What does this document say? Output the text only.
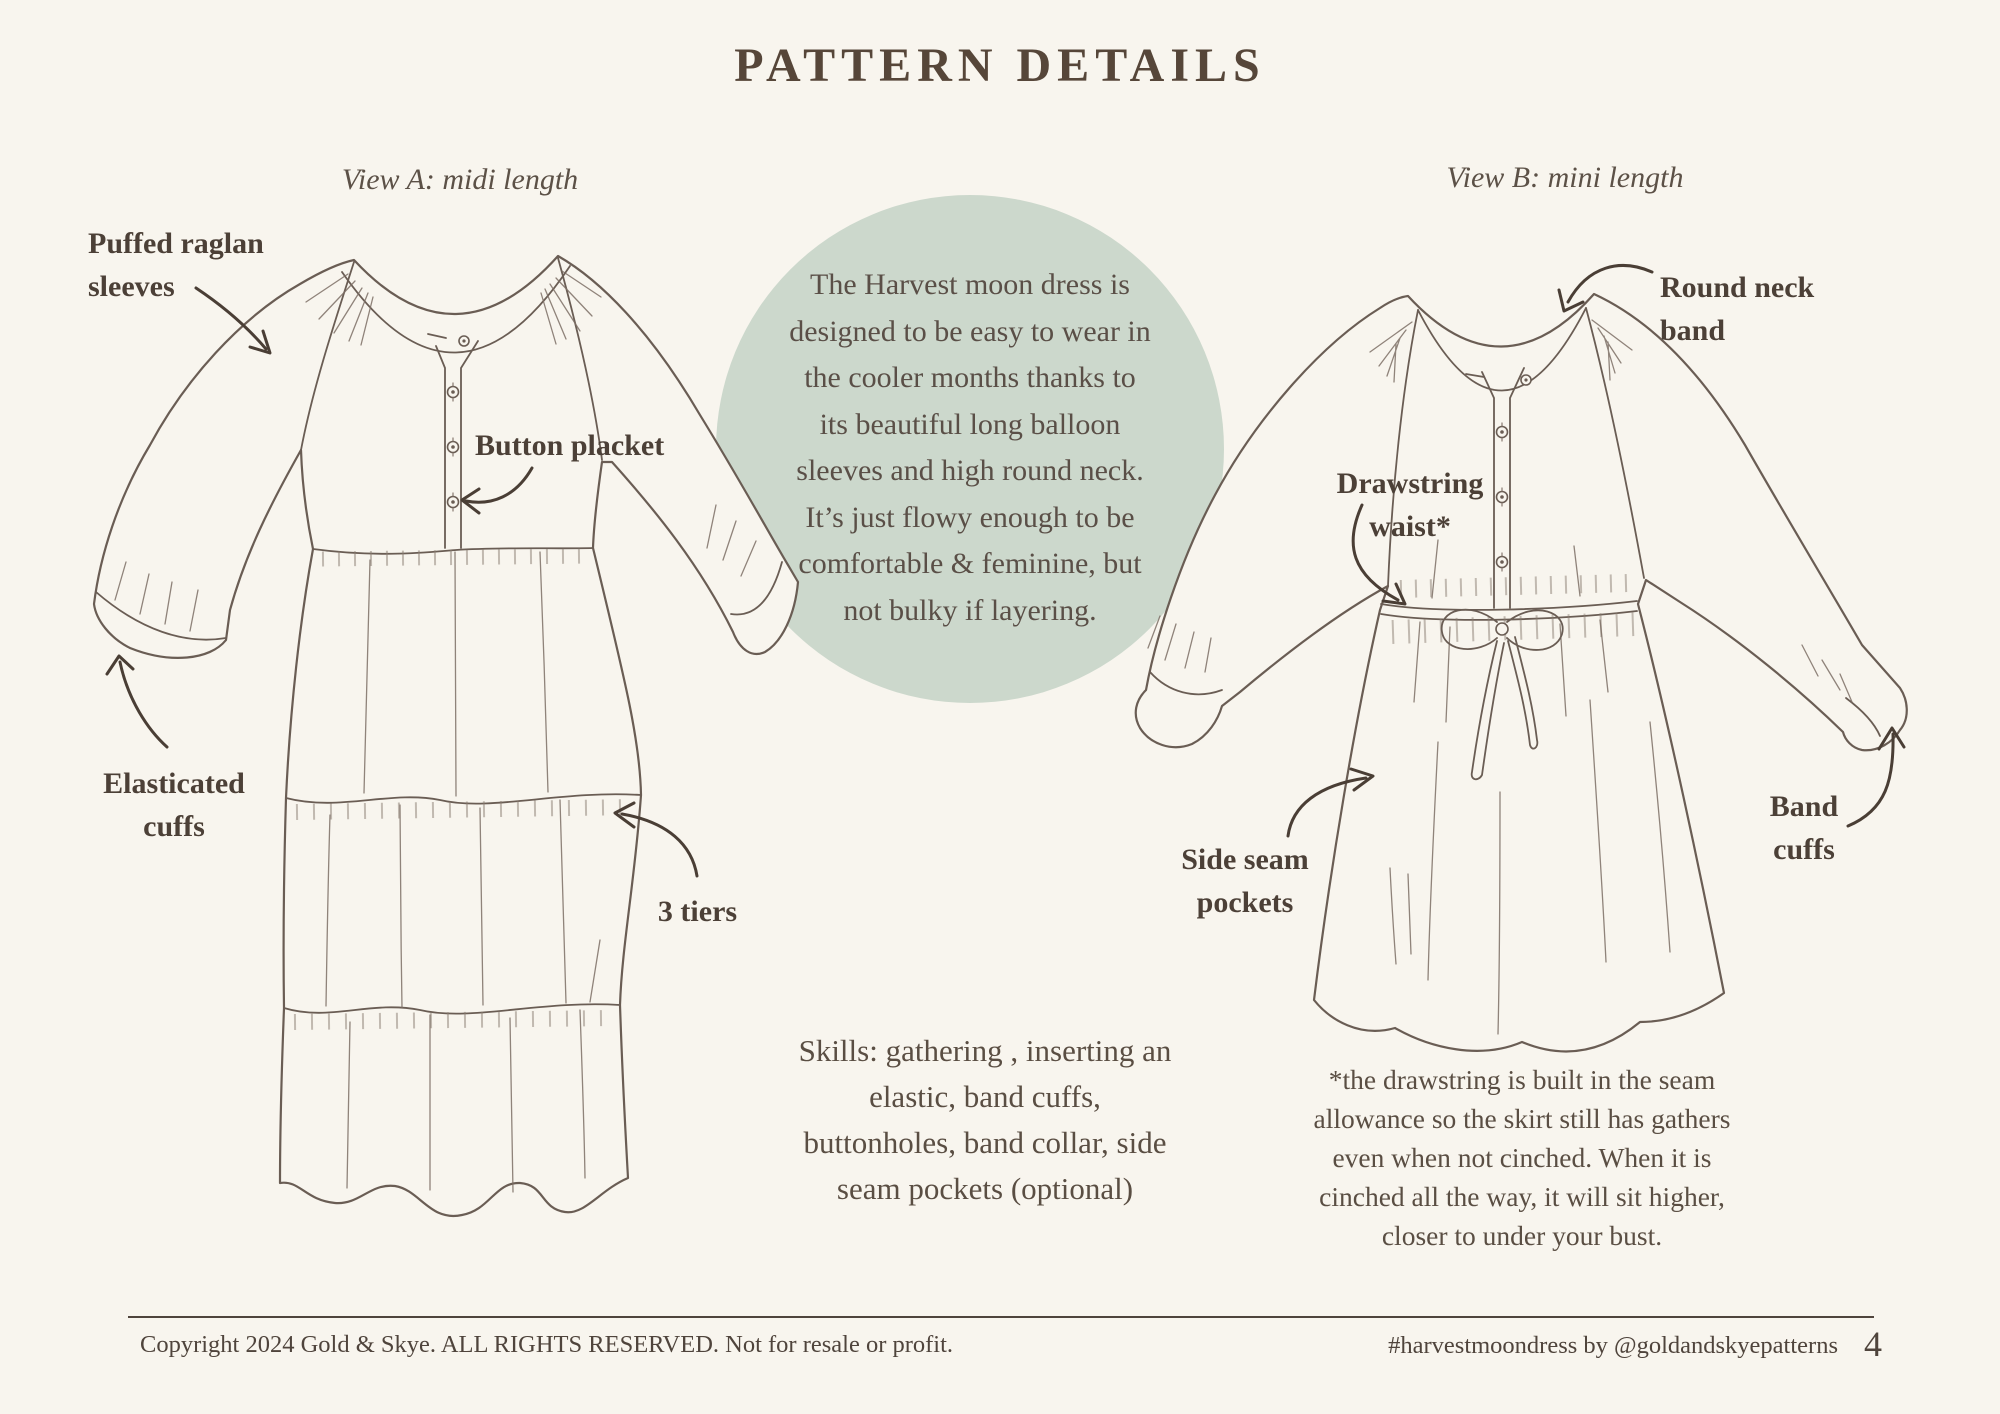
PATTERN DETAILS
View A: midi length	View B: mini length
Puffed raglan
sleeves
Button placket
Elasticated
cuffs
3 tiers
Round neck
band
Drawstring
waist*
Side seam
pockets
Band
cuffs
The Harvest moon dress is
designed to be easy to wear in
the cooler months thanks to
its beautiful long balloon
sleeves and high round neck.
It’s just flowy enough to be
comfortable & feminine, but
not bulky if layering.
Skills: gathering , inserting an
elastic, band cuffs,
buttonholes, band collar, side
seam pockets (optional)
*the drawstring is built in the seam
allowance so the skirt still has gathers
even when not cinched. When it is
cinched all the way, it will sit higher,
closer to under your bust.
Copyright 2024 Gold & Skye. ALL RIGHTS RESERVED. Not for resale or profit.	#harvestmoondress by @goldandskyepatterns 4
